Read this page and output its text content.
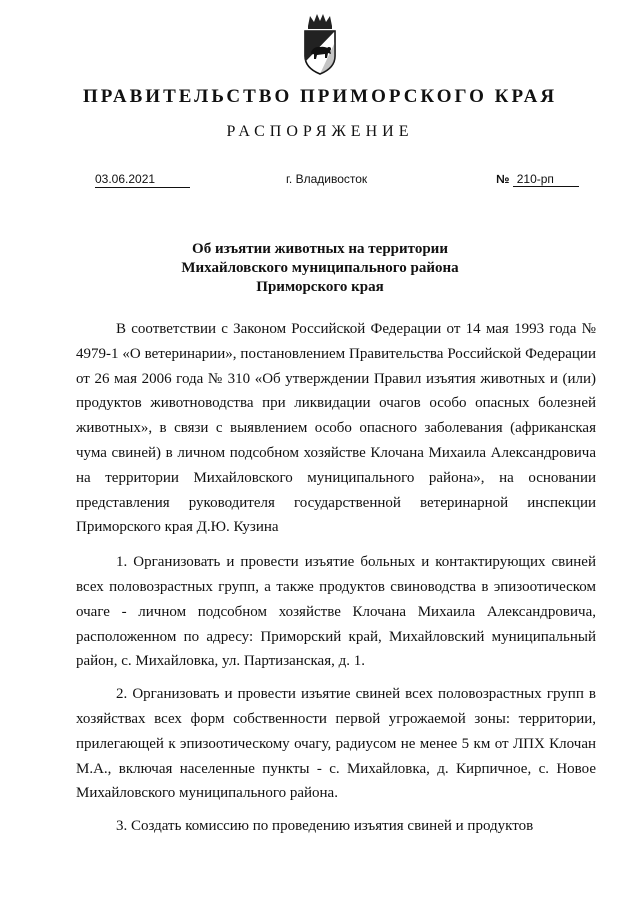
ПРАВИТЕЛЬСТВО ПРИМОРСКОГО КРАЯ
РАСПОРЯЖЕНИЕ
03.06.2021	г. Владивосток	№ 210-рп
Об изъятии животных на территории
Михайловского муниципального района
Приморского края

В соответствии с Законом Российской Федерации от 14 мая 1993 года № 4979-1 «О ветеринарии», постановлением Правительства Российской Федерации от 26 мая 2006 года № 310 «Об утверждении Правил изъятия животных и (или) продуктов животноводства при ликвидации очагов особо опасных болезней животных», в связи с выявлением особо опасного заболевания (африканская чума свиней) в личном подсобном хозяйстве Клочана Михаила Александровича на территории Михайловского муниципального района», на основании представления руководителя государственной ветеринарной инспекции Приморского края Д.Ю. Кузина

1. Организовать и провести изъятие больных и контактирующих свиней всех половозрастных групп, а также продуктов свиноводства в эпизоотическом очаге - личном подсобном хозяйстве Клочана Михаила Александровича, расположенном по адресу: Приморский край, Михайловский муниципальный район, с. Михайловка, ул. Партизанская, д. 1.

2. Организовать и провести изъятие свиней всех половозрастных групп в хозяйствах всех форм собственности первой угрожаемой зоны: территории, прилегающей к эпизоотическому очагу, радиусом не менее 5 км от ЛПХ Клочан М.А., включая населенные пункты - с. Михайловка, д. Кирпичное, с. Новое Михайловского муниципального района.

3. Создать комиссию по проведению изъятия свиней и продуктов
